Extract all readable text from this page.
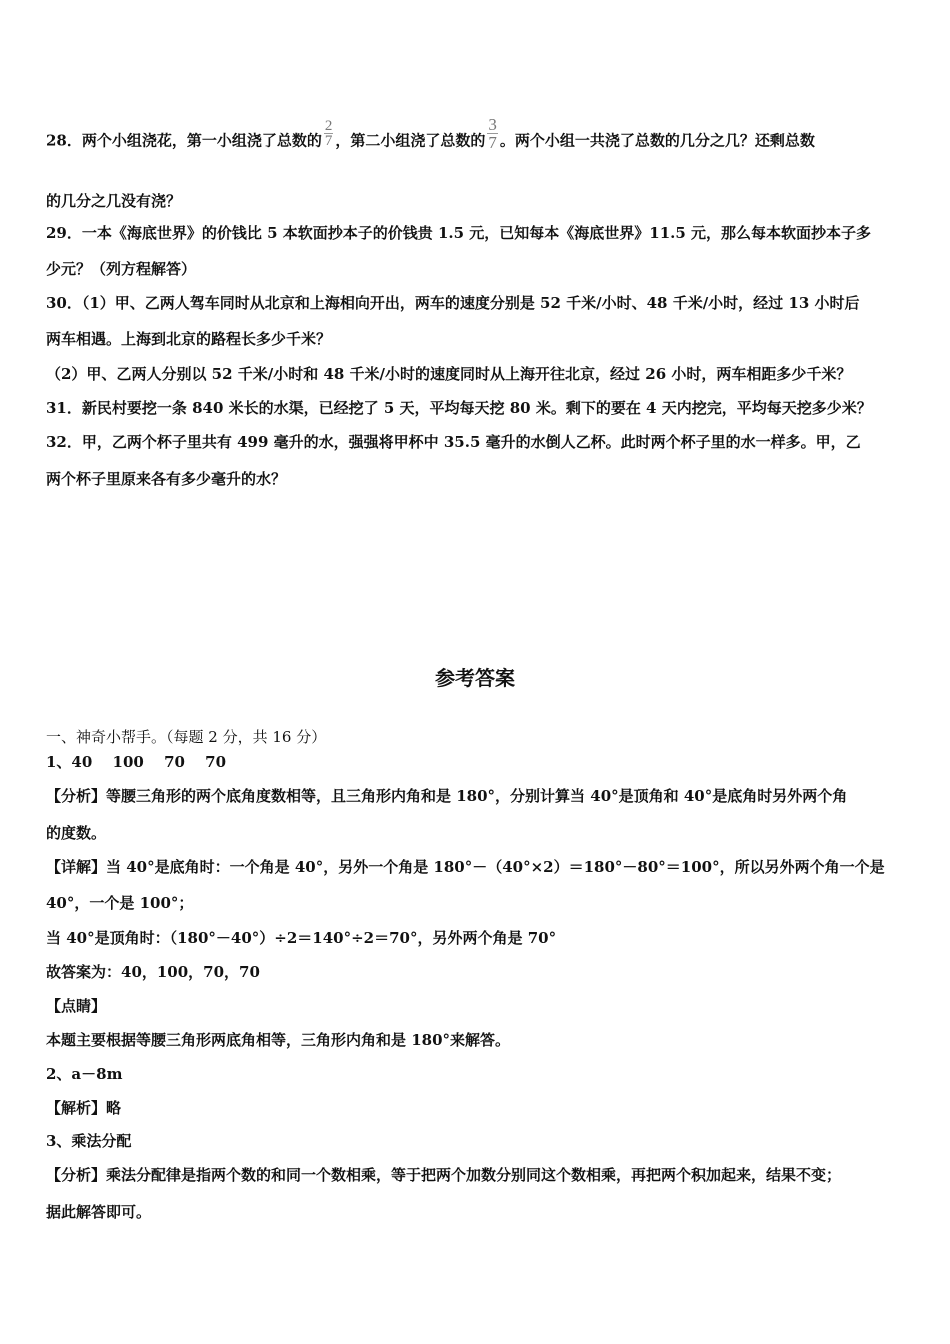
28．两个小组浇花，第一小组浇了总数的 $\frac{2}{7}$ ，第二小组浇了总数的 $\frac{3}{7}$ 。两个小组一共浇了总数的几分之几？还剩总数
的几分之几没有浇？
29．一本《海底世界》的价钱比 5 本软面抄本子的价钱贵 1.5 元，已知每本《海底世界》11.5 元，那么每本软面抄本子多
少元？（列方程解答）
30．（1）甲、乙两人驾车同时从北京和上海相向开出，两车的速度分别是 52 千米/小时、48 千米/小时，经过 13 小时后
两车相遇。上海到北京的路程长多少千米？
（2）甲、乙两人分别以 52 千米/小时和 48 千米/小时的速度同时从上海开往北京，经过 26 小时，两车相距多少千米？
31．新民村要挖一条 840 米长的水渠，已经挖了 5 天，平均每天挖 80 米。剩下的要在 4 天内挖完，平均每天挖多少米？
32．甲，乙两个杯子里共有 499 毫升的水，强强将甲杯中 35.5 毫升的水倒人乙杯。此时两个杯子里的水一样多。甲，乙
两个杯子里原来各有多少毫升的水？
参考答案
一、神奇小帮手。（每题 2 分，共 16 分）
1、40　 100　 70　 70
【分析】等腰三角形的两个底角度数相等，且三角形内角和是 180°，分别计算当 40°是顶角和 40°是底角时另外两个角
的度数。
【详解】当 40°是底角时：一个角是 40°，另外一个角是 180°－（40°×2）＝180°－80°＝100°，所以另外两个角一个是
40°，一个是 100°；
当 40°是顶角时：（180°－40°）÷2＝140°÷2＝70°，另外两个角是 70°
故答案为：40，100，70，70
【点睛】
本题主要根据等腰三角形两底角相等，三角形内角和是 180°来解答。
2、a－8m
【解析】略
3、乘法分配
【分析】乘法分配律是指两个数的和同一个数相乘，等于把两个加数分别同这个数相乘，再把两个积加起来，结果不变；
据此解答即可。
